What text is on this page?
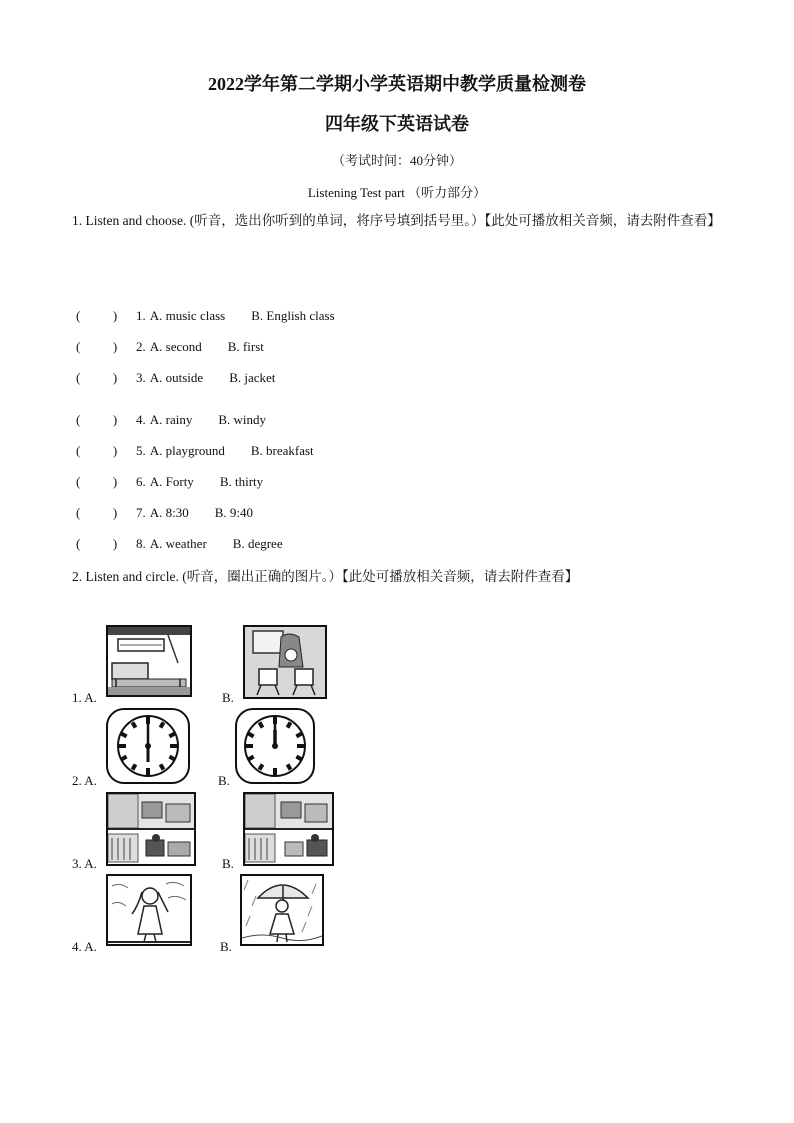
2022学年第二学期小学英语期中教学质量检测卷
四年级下英语试卷
（考试时间：40分钟）
Listening Test part （听力部分）
1. Listen and choose. (听音，选出你听到的单词，将序号填到括号里。）【此处可播放相关音频，请去附件查看】
(          )	1. A. music class B. English class
(          )	2. A. second B. first
(          )	3. A. outside B. jacket
(          )	4. A. rainy B. windy
(          )	5. A. playground B. breakfast
(          )	6. A. Forty B. thirty
(          )	7. A. 8:30 B. 9:40
(          )	8. A. weather B. degree
2. Listen and circle. (听音，圈出正确的图片。）【此处可播放相关音频，请去附件查看】
1. A.	B.
2. A.	B.
3. A.	B.
4. A.	B.
